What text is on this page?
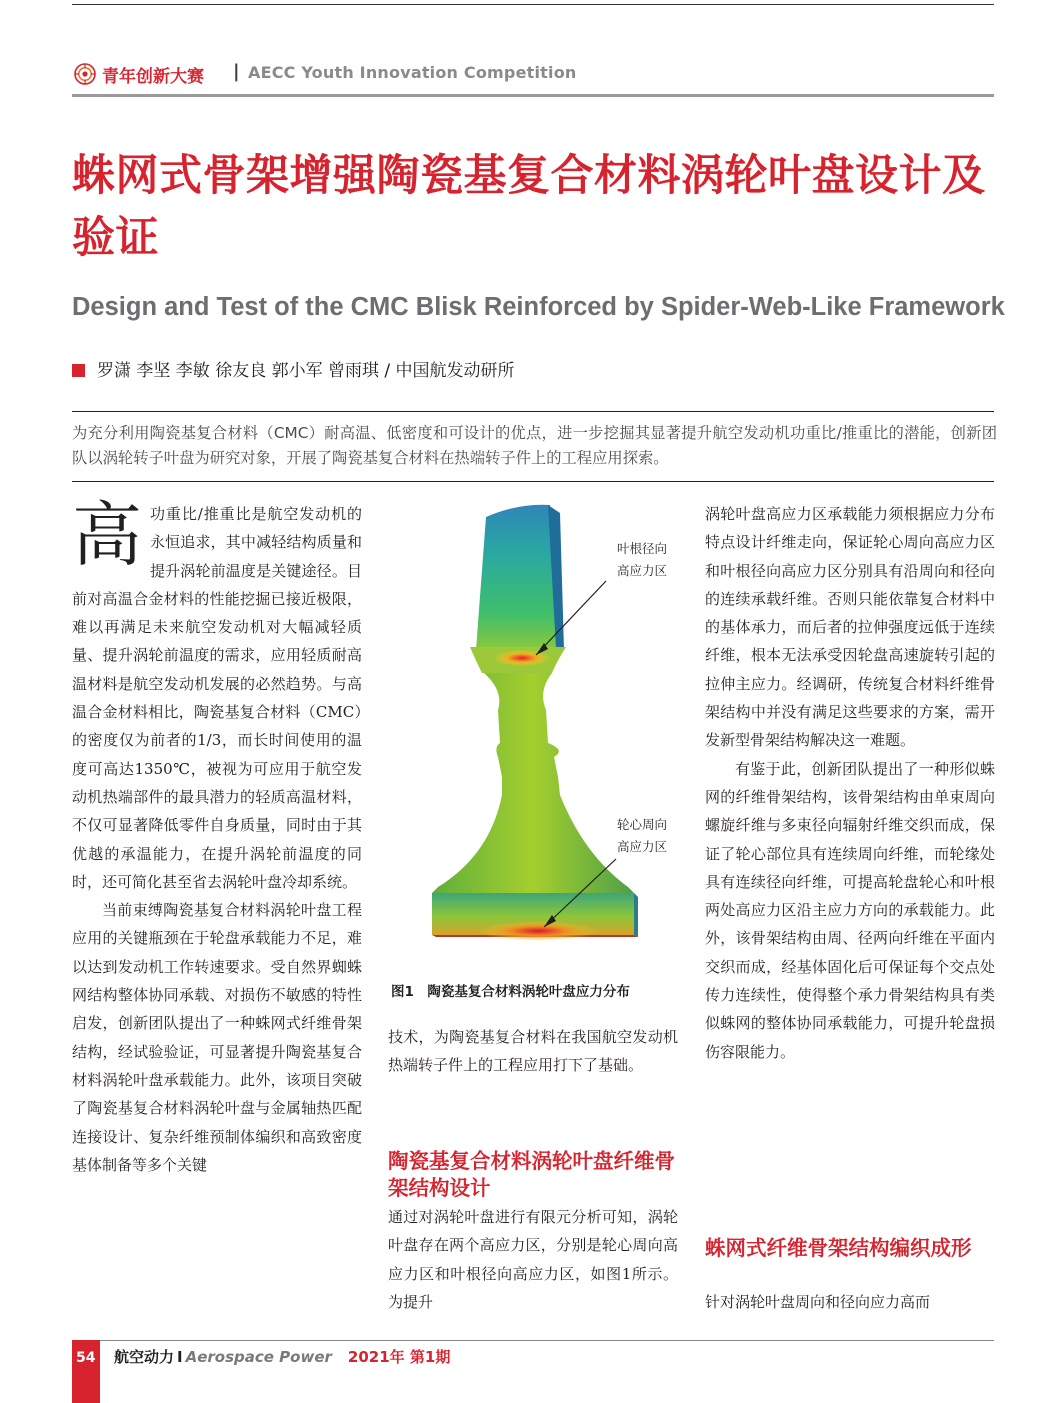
青年创新大赛 | AECC Youth Innovation Competition
蛛网式骨架增强陶瓷基复合材料涡轮叶盘设计及验证
Design and Test of the CMC Blisk Reinforced by Spider-Web-Like Framework
罗潇 李坚 李敏 徐友良 郭小军 曾雨琪 / 中国航发动研所

为充分利用陶瓷基复合材料（CMC）耐高温、低密度和可设计的优点，进一步挖掘其显著提升航空发动机功重比/推重比的潜能，创新团队以涡轮转子叶盘为研究对象，开展了陶瓷基复合材料在热端转子件上的工程应用探索。

高 功重比/推重比是航空发动机的永恒追求，其中减轻结构质量和提升涡轮前温度是关键途径。目前对高温合金材料的性能挖掘已接近极限，难以再满足未来航空发动机对大幅减轻质量、提升涡轮前温度的需求，应用轻质耐高温材料是航空发动机发展的必然趋势。与高温合金材料相比，陶瓷基复合材料（CMC）的密度仅为前者的1/3，而长时间使用的温度可高达1350℃，被视为可应用于航空发动机热端部件的最具潜力的轻质高温材料，不仅可显著降低零件自身质量，同时由于其优越的承温能力，在提升涡轮前温度的同时，还可简化甚至省去涡轮叶盘冷却系统。

当前束缚陶瓷基复合材料涡轮叶盘工程应用的关键瓶颈在于轮盘承载能力不足，难以达到发动机工作转速要求。受自然界蜘蛛网结构整体协同承载、对损伤不敏感的特性启发，创新团队提出了一种蛛网式纤维骨架结构，经试验验证，可显著提升陶瓷基复合材料涡轮叶盘承载能力。此外，该项目突破了陶瓷基复合材料涡轮叶盘与金属轴热匹配连接设计、复杂纤维预制体编织和高致密度基体制备等多个关键

叶根径向
高应力区
轮心周向
高应力区
图1　陶瓷基复合材料涡轮叶盘应力分布

技术，为陶瓷基复合材料在我国航空发动机热端转子件上的工程应用打下了基础。

陶瓷基复合材料涡轮叶盘纤维骨架结构设计

通过对涡轮叶盘进行有限元分析可知，涡轮叶盘存在两个高应力区，分别是轮心周向高应力区和叶根径向高应力区，如图1所示。为提升

涡轮叶盘高应力区承载能力须根据应力分布特点设计纤维走向，保证轮心周向高应力区和叶根径向高应力区分别具有沿周向和径向的连续承载纤维。否则只能依靠复合材料中的基体承力，而后者的拉伸强度远低于连续纤维，根本无法承受因轮盘高速旋转引起的拉伸主应力。经调研，传统复合材料纤维骨架结构中并没有满足这些要求的方案，需开发新型骨架结构解决这一难题。

有鉴于此，创新团队提出了一种形似蛛网的纤维骨架结构，该骨架结构由单束周向螺旋纤维与多束径向辐射纤维交织而成，保证了轮心部位具有连续周向纤维，而轮缘处具有连续径向纤维，可提高轮盘轮心和叶根两处高应力区沿主应力方向的承载能力。此外，该骨架结构由周、径两向纤维在平面内交织而成，经基体固化后可保证每个交点处传力连续性，使得整个承力骨架结构具有类似蛛网的整体协同承载能力，可提升轮盘损伤容限能力。

蛛网式纤维骨架结构编织成形

针对涡轮叶盘周向和径向应力高而

54 航空动力 I Aerospace Power 2021年 第1期
